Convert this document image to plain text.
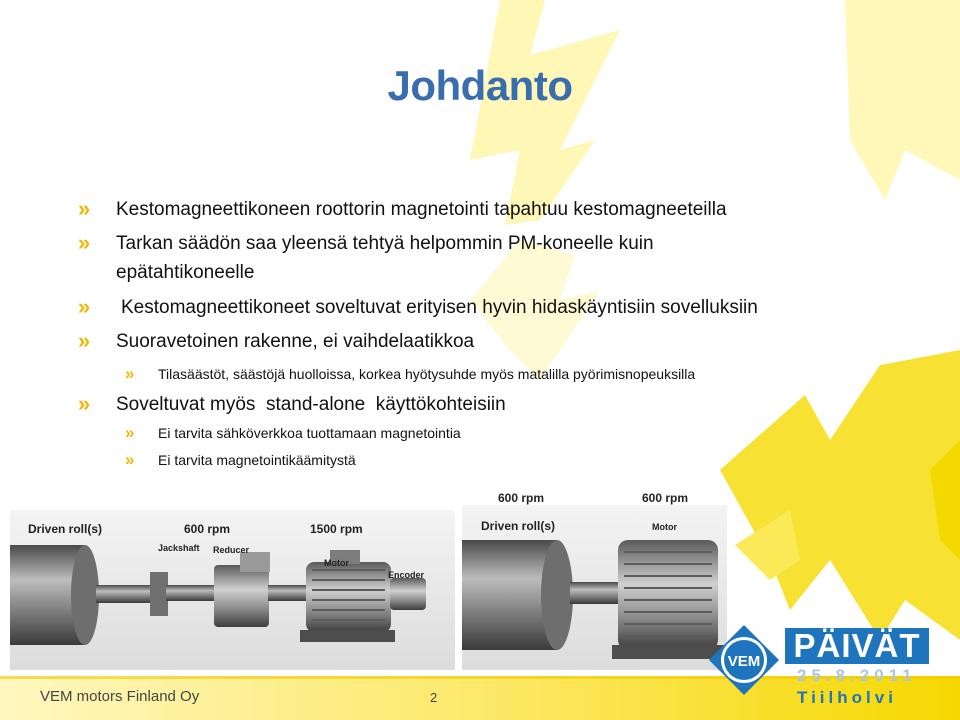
Johdanto
» Kestomagneettikoneen roottorin magnetointi tapahtuu kestomagneeteilla
» Tarkan säädön saa yleensä tehtyä helpommin PM-koneelle kuin
epätahtikoneelle
» Kestomagneettikoneet soveltuvat erityisen hyvin hidaskäyntisiin sovelluksiin
» Suoravetoinen rakenne, ei vaihdelaatikkoa
» Tilasäästöt, säästöjä huolloissa, korkea hyötysuhde myös matalilla pyörimisnopeuksilla
» Soveltuvat myös  stand-alone  käyttökohteisiin
» Ei tarvita sähköverkkoa tuottamaan magnetointia
» Ei tarvita magnetointikäämitystä
Driven roll(s)	600 rpm	1500 rpm
Jackshaft Reducer
Motor
Encoder
600 rpm	600 rpm
Driven roll(s)	Motor
VEM motors Finland Oy	2
VEM PÄIVÄT
25.8.2011
Tiilholvi
